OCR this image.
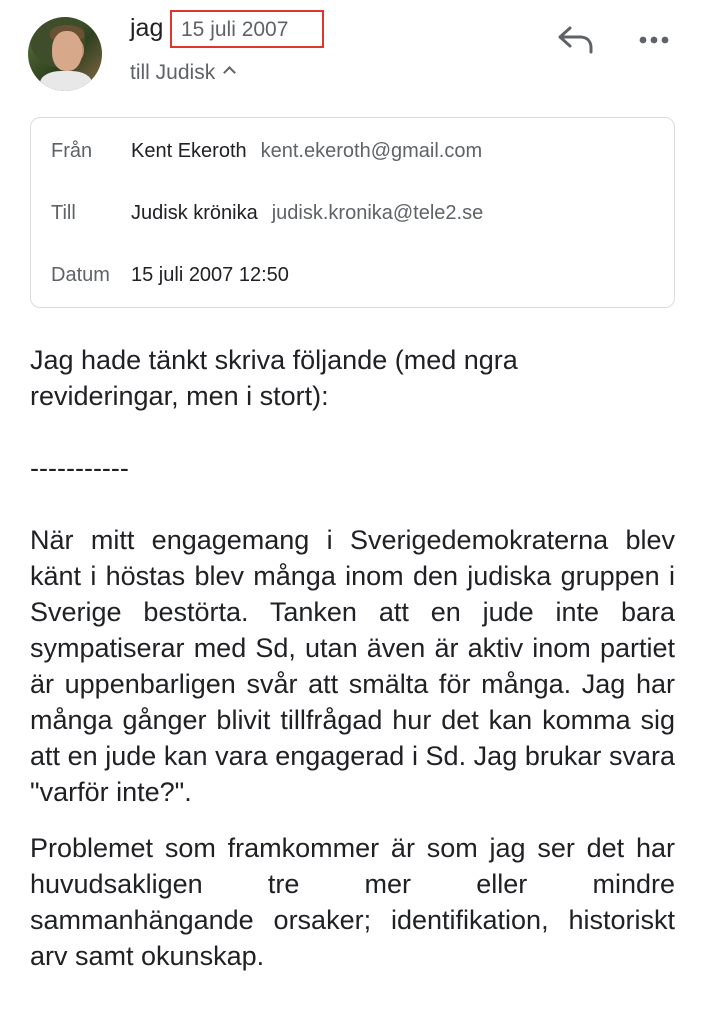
jag 15 juli 2007
till Judisk
Från Kent Ekeroth kent.ekeroth@gmail.com
Till	Judisk krönika judisk.kronika@tele2.se
Datum 15 juli 2007 12:50

Jag hade tänkt skriva följande (med ngra revideringar, men i stort):

-----------

När mitt engagemang i Sverigedemokraterna blev känt i höstas blev många inom den judiska gruppen i Sverige bestörta. Tanken att en jude inte bara sympatiserar med Sd, utan även är aktiv inom partiet är uppenbarligen svår att smälta för många. Jag har många gånger blivit tillfrågad hur det kan komma sig att en jude kan vara engagerad i Sd. Jag brukar svara "varför inte?".

Problemet som framkommer är som jag ser det har huvudsakligen tre mer eller mindre sammanhängande orsaker; identifikation, historiskt arv samt okunskap.
